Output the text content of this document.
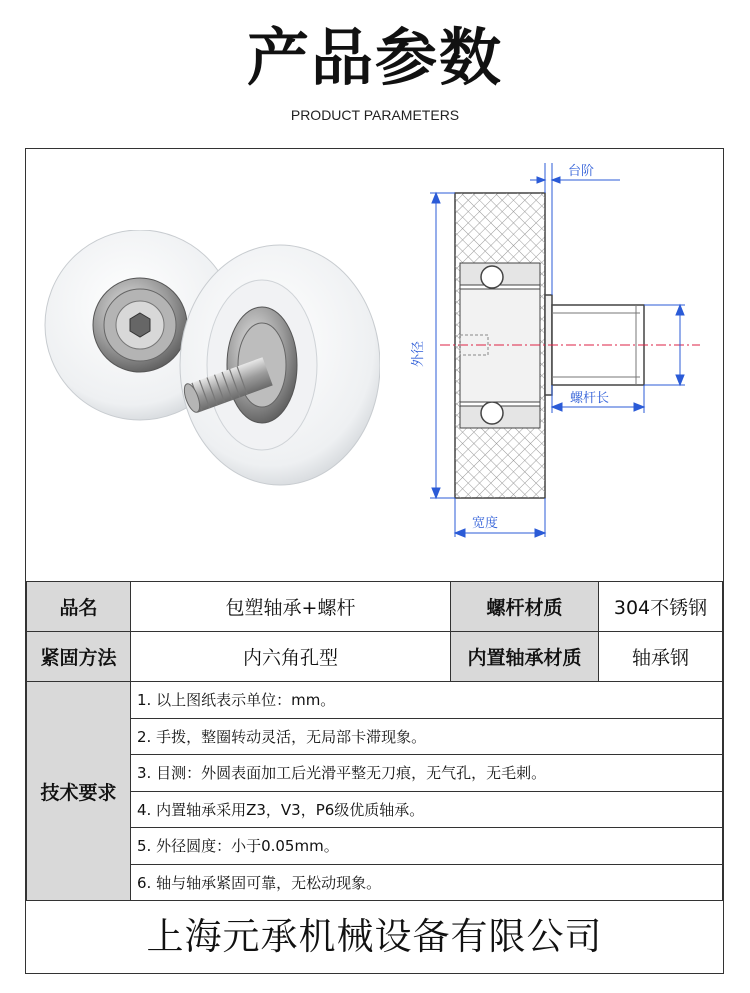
产品参数
PRODUCT PARAMETERS
外径
宽度
台阶
螺杆长
品名	包塑轴承+螺杆	螺杆材质	304不锈钢
紧固方法	内六角孔型	内置轴承材质	轴承钢
技术要求	1. 以上图纸表示单位：mm。
2. 手拨，整圈转动灵活，无局部卡滞现象。
3. 目测：外圆表面加工后光滑平整无刀痕，无气孔，无毛刺。
4. 内置轴承采用Z3，V3，P6级优质轴承。
5. 外径圆度：小于0.05mm。
6. 轴与轴承紧固可靠，无松动现象。
上海元承机械设备有限公司
